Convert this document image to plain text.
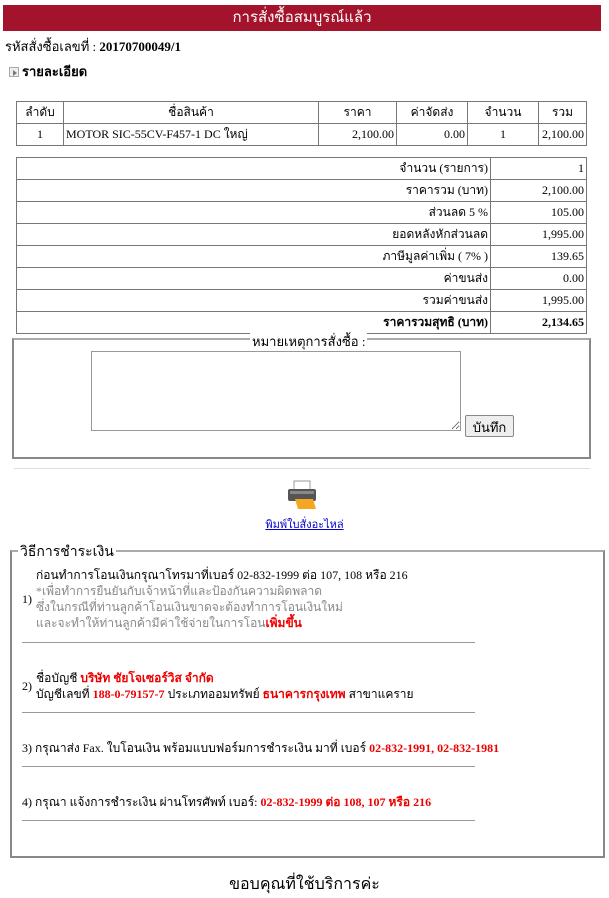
การสั่งซื้อสมบูรณ์แล้ว
รหัสสั่งซื้อเลขที่ : 20170700049/1
รายละเอียด
ลำดับ	ชื่อสินค้า	ราคา	ค่าจัดส่ง	จำนวน	รวม
1	MOTOR SIC-55CV-F457-1 DC ใหญ่	2,100.00	0.00	1	2,100.00
จำนวน (รายการ)	1
ราคารวม (บาท)	2,100.00
ส่วนลด 5 %	105.00
ยอดหลังหักส่วนลด	1,995.00
ภาษีมูลค่าเพิ่ม ( 7% )	139.65
ค่าขนส่ง	0.00
รวมค่าขนส่ง	1,995.00
ราคารวมสุทธิ (บาท)	2,134.65
หมายเหตุการสั่งซื้อ :
บันทึก
พิมพ์ใบสั่งอะไหล่
วิธีการชำระเงิน
1)
ก่อนทำการโอนเงินกรุณาโทรมาที่เบอร์ 02-832-1999 ต่อ 107, 108 หรือ 216
*เพื่อทำการยืนยันกับเจ้าหน้าที่และป้องกันความผิดพลาด
ซึ่งในกรณีที่ท่านลูกค้าโอนเงินขาดจะต้องทำการโอนเงินใหม่
และจะทำให้ท่านลูกค้ามีค่าใช้จ่ายในการโอนเพิ่มขึ้น
2)
ชื่อบัญชี บริษัท ชัยโจเซอร์วิส จำกัด
บัญชีเลขที่ 188-0-79157-7 ประเภทออมทรัพย์ ธนาคารกรุงเทพ สาขาแคราย
3) กรุณาส่ง Fax. ใบโอนเงิน พร้อมแบบฟอร์มการชำระเงิน มาที่ เบอร์ 02-832-1991, 02-832-1981
4) กรุณา แจ้งการชำระเงิน ผ่านโทรศัพท์ เบอร์: 02-832-1999 ต่อ 108, 107 หรือ 216
ขอบคุณที่ใช้บริการค่ะ
